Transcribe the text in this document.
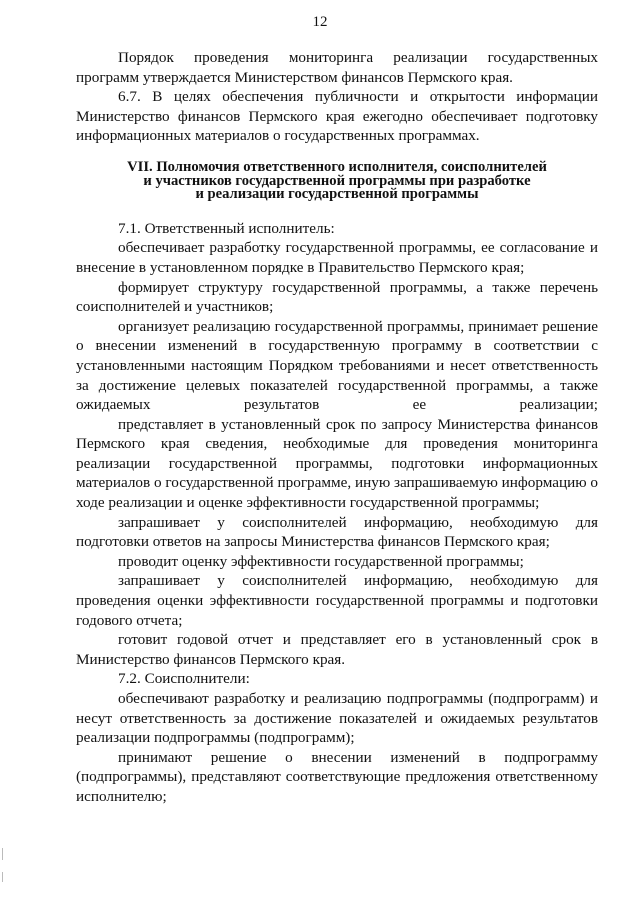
12

Порядок проведения мониторинга реализации государственных программ утверждается Министерством финансов Пермского края.

6.7. В целях обеспечения публичности и открытости информации Министерство финансов Пермского края ежегодно обеспечивает подготовку информационных материалов о государственных программах.

VII. Полномочия ответственного исполнителя, соисполнителей
и участников государственной программы при разработке
и реализации государственной программы

7.1. Ответственный исполнитель:

обеспечивает разработку государственной программы, ее согласование и внесение в установленном порядке в Правительство Пермского края;

формирует структуру государственной программы, а также перечень соисполнителей и участников;

организует реализацию государственной программы, принимает решение о внесении изменений в государственную программу в соответствии с установленными настоящим Порядком требованиями и несет ответственность за достижение целевых показателей государственной программы, а также ожидаемых результатов ее реализации;

представляет в установленный срок по запросу Министерства финансов Пермского края сведения, необходимые для проведения мониторинга реализации государственной программы, подготовки информационных материалов о государственной программе, иную запрашиваемую информацию о ходе реализации и оценке эффективности государственной программы;

запрашивает у соисполнителей информацию, необходимую для подготовки ответов на запросы Министерства финансов Пермского края;

проводит оценку эффективности государственной программы;

запрашивает у соисполнителей информацию, необходимую для проведения оценки эффективности государственной программы и подготовки годового отчета;

готовит годовой отчет и представляет его в установленный срок в Министерство финансов Пермского края.

7.2. Соисполнители:

обеспечивают разработку и реализацию подпрограммы (подпрограмм) и несут ответственность за достижение показателей и ожидаемых результатов реализации подпрограммы (подпрограмм);

принимают решение о внесении изменений в подпрограмму (подпрограммы), представляют соответствующие предложения ответственному исполнителю;
